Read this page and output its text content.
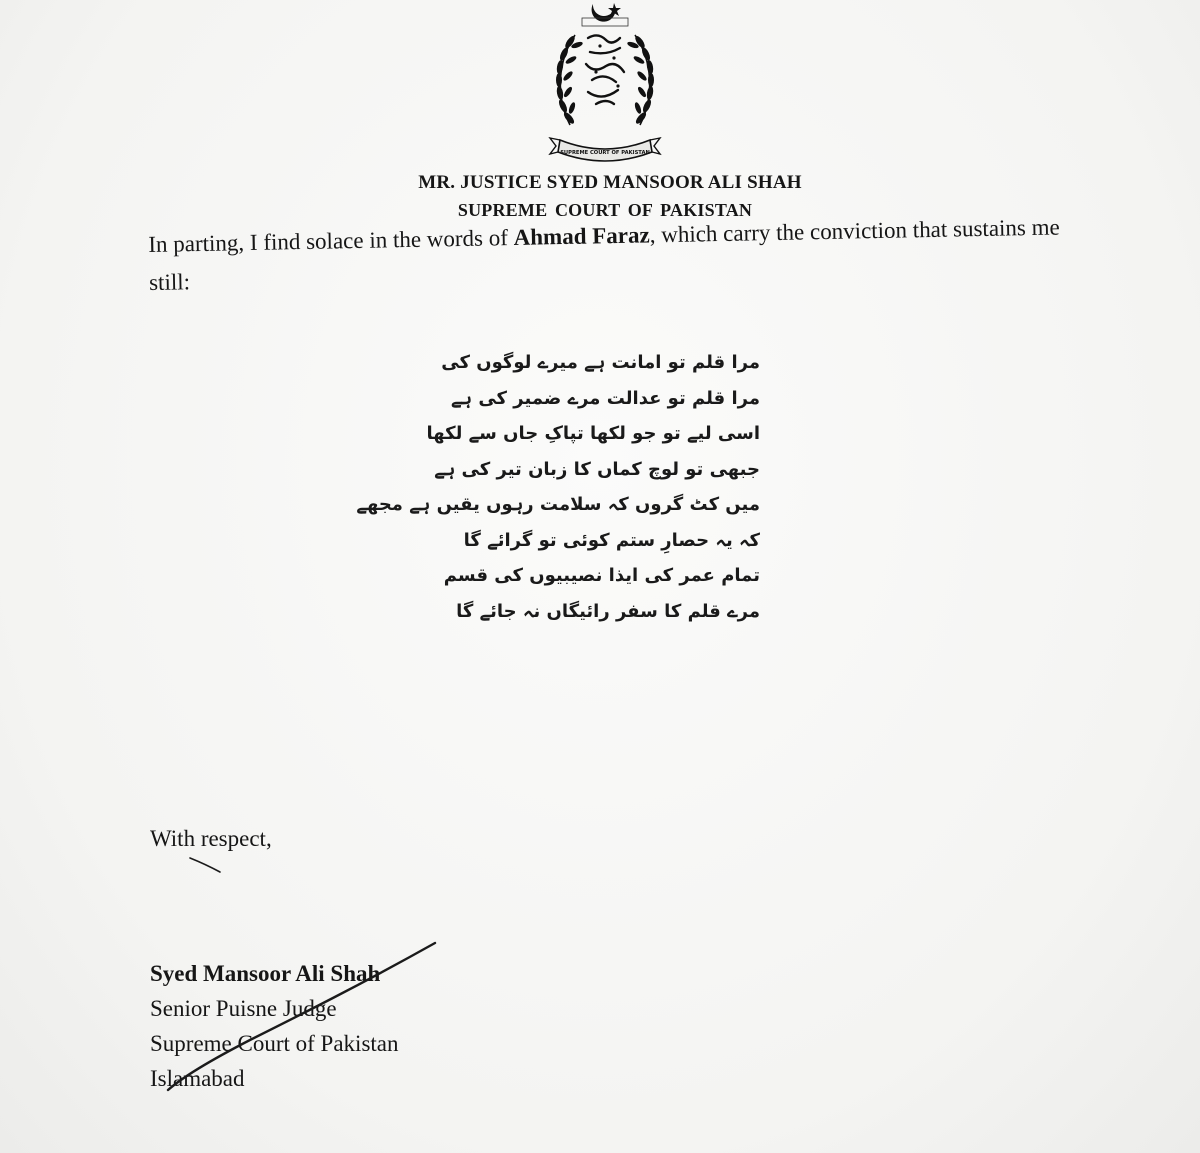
SUPREME COURT OF PAKISTAN
MR. JUSTICE SYED MANSOOR ALI SHAH
SUPREME COURT OF PAKISTAN
In parting, I find solace in the words of Ahmad Faraz, which carry the conviction that sustains me still:
مرا قلم تو امانت ہے میرے لوگوں کی
مرا قلم تو عدالت مرے ضمیر کی ہے
اسی لیے تو جو لکھا تپاکِ جاں سے لکھا
جبھی تو لوچ کماں کا زبان تیر کی ہے
میں کٹ گروں کہ سلامت رہوں یقیں ہے مجھے
کہ یہ حصارِ ستم کوئی تو گرائے گا
تمام عمر کی ایذا نصیبیوں کی قسم
مرے قلم کا سفر رائیگاں نہ جائے گا
With respect,
Syed Mansoor Ali Shah
Senior Puisne Judge
Supreme Court of Pakistan
Islamabad
